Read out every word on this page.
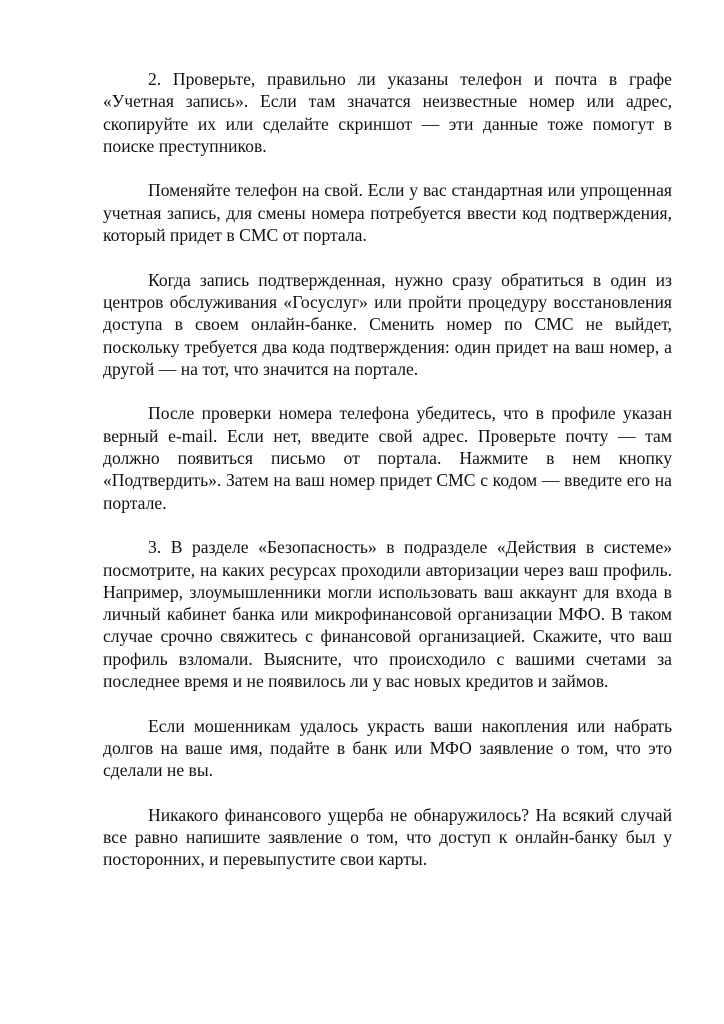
2. Проверьте, правильно ли указаны телефон и почта в графе «Учетная запись». Если там значатся неизвестные номер или адрес, скопируйте их или сделайте скриншот — эти данные тоже помогут в поиске преступников.

Поменяйте телефон на свой. Если у вас стандартная или упрощенная учетная запись, для смены номера потребуется ввести код подтверждения, который придет в СМС от портала.

Когда запись подтвержденная, нужно сразу обратиться в один из центров обслуживания «Госуслуг» или пройти процедуру восстановления доступа в своем онлайн-банке. Сменить номер по СМС не выйдет, поскольку требуется два кода подтверждения: один придет на ваш номер, а другой — на тот, что значится на портале.

После проверки номера телефона убедитесь, что в профиле указан верный e-mail. Если нет, введите свой адрес. Проверьте почту — там должно появиться письмо от портала. Нажмите в нем кнопку «Подтвердить». Затем на ваш номер придет СМС с кодом — введите его на портале.

3. В разделе «Безопасность» в подразделе «Действия в системе» посмотрите, на каких ресурсах проходили авторизации через ваш профиль. Например, злоумышленники могли использовать ваш аккаунт для входа в личный кабинет банка или микрофинансовой организации МФО. В таком случае срочно свяжитесь с финансовой организацией. Скажите, что ваш профиль взломали. Выясните, что происходило с вашими счетами за последнее время и не появилось ли у вас новых кредитов и займов.

Если мошенникам удалось украсть ваши накопления или набрать долгов на ваше имя, подайте в банк или МФО заявление о том, что это сделали не вы.

Никакого финансового ущерба не обнаружилось? На всякий случай все равно напишите заявление о том, что доступ к онлайн-банку был у посторонних, и перевыпустите свои карты.
